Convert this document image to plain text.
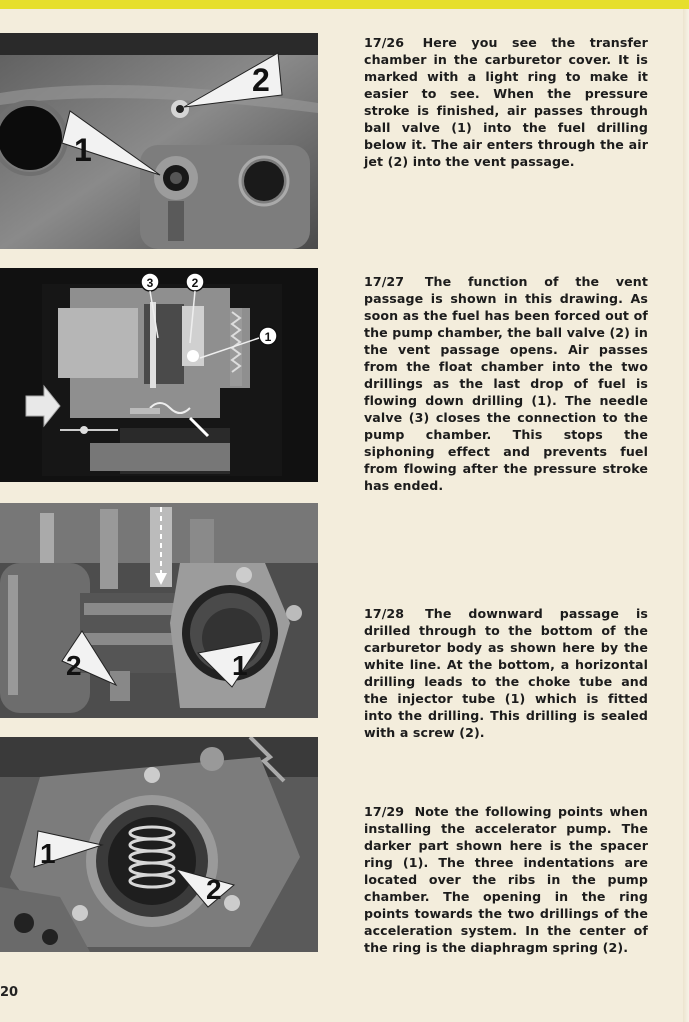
2
1
3	2
1
1
2
1
2
17/26 Here you see the transfer chamber in the carburetor cover. It is marked with a light ring to make it easier to see. When the pressure stroke is finished, air passes through ball valve (1) into the fuel drilling below it. The air enters through the air jet (2) into the vent passage.
17/27 The function of the vent passage is shown in this drawing. As soon as the fuel has been forced out of the pump chamber, the ball valve (2) in the vent passage opens. Air passes from the float chamber into the two drillings as the last drop of fuel is flowing down drilling (1). The needle valve (3) closes the connection to the pump chamber. This stops the siphoning effect and prevents fuel from flowing after the pressure stroke has ended.
17/28 The downward passage is drilled through to the bottom of the carburetor body as shown here by the white line. At the bottom, a horizontal drilling leads to the choke tube and the injector tube (1) which is fitted into the drilling. This drilling is sealed with a screw (2).
17/29 Note the following points when installing the accelerator pump. The darker part shown here is the spacer ring (1). The three indentations are located over the ribs in the pump chamber. The opening in the ring points towards the two drillings of the acceleration system. In the center of the ring is the diaphragm spring (2).
20
